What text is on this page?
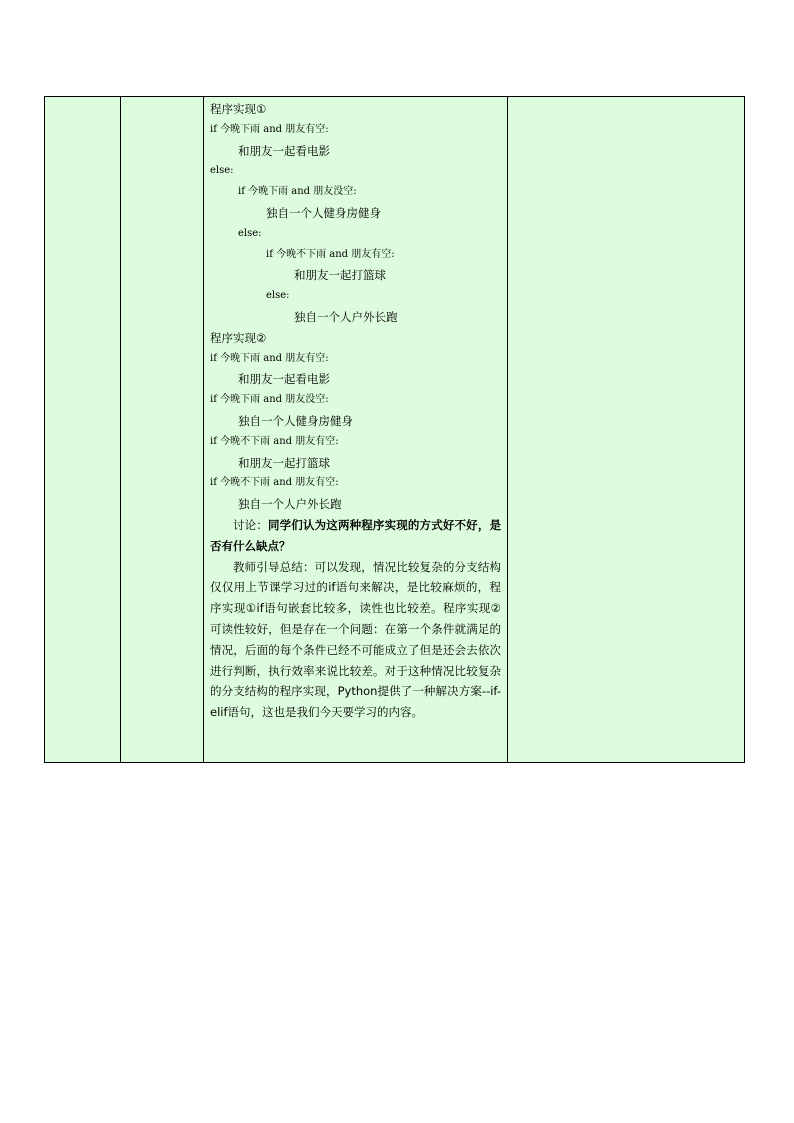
程序实现①
if 今晚下雨 and 朋友有空:
和朋友一起看电影
else:
if 今晚下雨 and 朋友没空:
独自一个人健身房健身
else:
if 今晚不下雨 and 朋友有空:
和朋友一起打篮球
else:
独自一个人户外长跑
程序实现②
if 今晚下雨 and 朋友有空:
和朋友一起看电影
if 今晚下雨 and 朋友没空:
独自一个人健身房健身
if 今晚不下雨 and 朋友有空:
和朋友一起打篮球
if 今晚不下雨 and 朋友有空:
独自一个人户外长跑
讨论：同学们认为这两种程序实现的方式好不好，是否有什么缺点？
教师引导总结：可以发现，情况比较复杂的分支结构仅仅用上节课学习过的if语句来解决，是比较麻烦的，程序实现①if语句嵌套比较多，读性也比较差。程序实现②可读性较好，但是存在一个问题：在第一个条件就满足的情况，后面的每个条件已经不可能成立了但是还会去依次进行判断，执行效率来说比较差。对于这种情况比较复杂的分支结构的程序实现，Python提供了一种解决方案--if-elif语句，这也是我们今天要学习的内容。
